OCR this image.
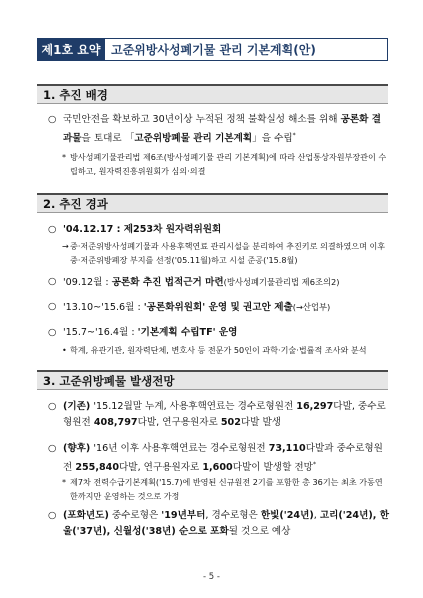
제1호 요약 고준위방사성폐기물 관리 기본계획(안)
1. 추진 배경
○ 국민안전을 확보하고 30년이상 누적된 정책 불확실성 해소를 위해 공론화 결과물을 토대로 「고준위방폐물 관리 기본계획」을 수립*
* 방사성폐기물관리법 제6조(방사성폐기물 관리 기본계획)에 따라 산업통상자원부장관이 수립하고, 원자력진흥위원회가 심의·의결
2. 추진 경과
○ '04.12.17 : 제253차 원자력위원회
→ 중·저준위방사성폐기물과 사용후핵연료 관리시설을 분리하여 추진키로 의결하였으며 이후 중·저준위방폐장 부지를 선정('05.11월)하고 시설 준공('15.8월)
○ '09.12월 : 공론화 추진 법적근거 마련(방사성폐기물관리법 제6조의2)
○ '13.10~'15.6월 : '공론화위원회' 운영 및 권고안 제출(→산업부)
○ '15.7~'16.4월 : '기본계획 수립TF' 운영
• 학계, 유관기관, 원자력단체, 변호사 등 전문가 50인이 과학·기술·법률적 조사와 분석
3. 고준위방폐물 발생전망
○ (기존) '15.12월말 누계, 사용후핵연료는 경수로형원전 16,297다발, 중수로형원전 408,797다발, 연구용원자로 502다발 발생
○ (향후) '16년 이후 사용후핵연료는 경수로형원전 73,110다발과 중수로형원전 255,840다발, 연구용원자로 1,600다발이 발생할 전망*
* 제7차 전력수급기본계획('15.7)에 반영된 신규원전 2기를 포함한 총 36기는 최초 가동연한까지만 운영하는 것으로 가정
○ (포화년도) 중수로형은 '19년부터, 경수로형은 한빛('24년), 고리('24년), 한울('37년), 신월성('38년) 순으로 포화될 것으로 예상
- 5 -
